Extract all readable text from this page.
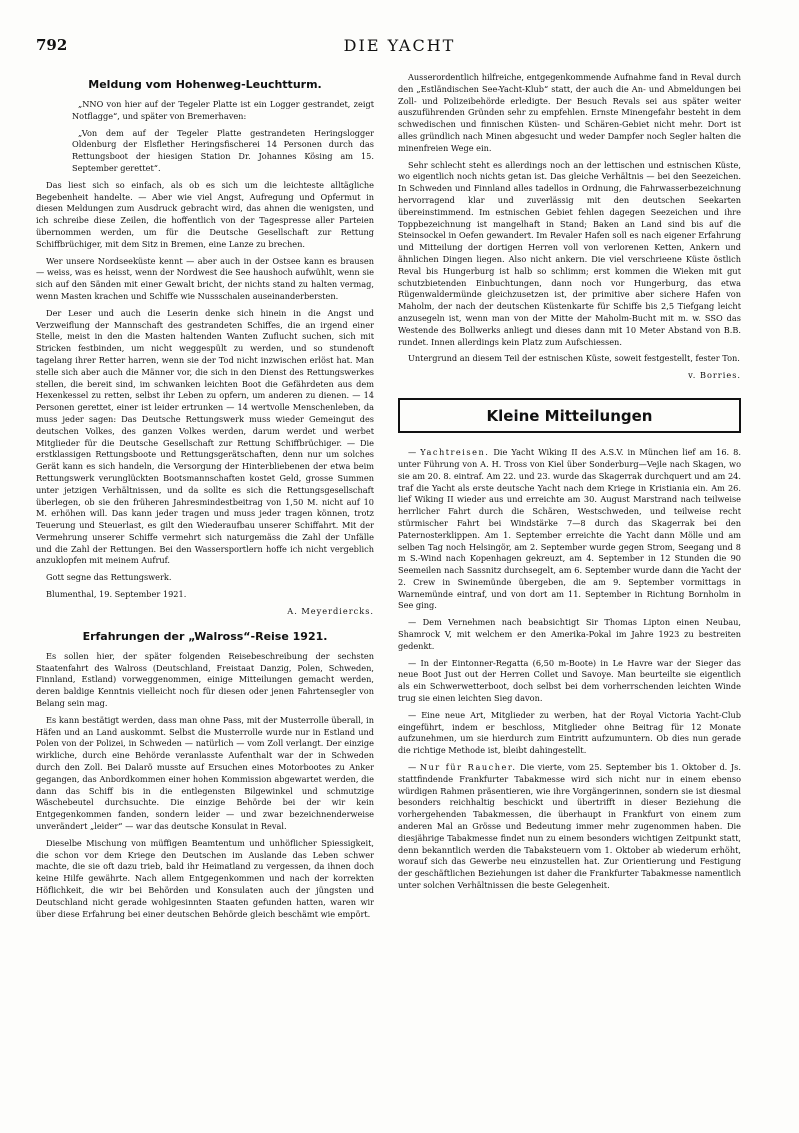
792	DIE YACHT
Meldung vom Hohenweg-Leuchtturm.

„NNO von hier auf der Tegeler Platte ist ein Logger gestrandet, zeigt Notflagge“, und später von Bremerhaven:

„Von dem auf der Tegeler Platte gestrandeten Heringslogger Oldenburg der Elsflether Heringsfischerei 14 Personen durch das Rettungsboot der hiesigen Station Dr. Johannes Kösing am 15. September gerettet“.

Das liest sich so einfach, als ob es sich um die leichteste alltägliche Begebenheit handelte. — Aber wie viel Angst, Aufregung und Opfermut in diesen Meldungen zum Ausdruck gebracht wird, das ahnen die wenigsten, und ich schreibe diese Zeilen, die hoffentlich von der Tagespresse aller Parteien übernommen werden, um für die Deutsche Gesellschaft zur Rettung Schiffbrüchiger, mit dem Sitz in Bremen, eine Lanze zu brechen.

Wer unsere Nordseeküste kennt — aber auch in der Ostsee kann es brausen — weiss, was es heisst, wenn der Nordwest die See haushoch aufwühlt, wenn sie sich auf den Sänden mit einer Gewalt bricht, der nichts stand zu halten vermag, wenn Masten krachen und Schiffe wie Nussschalen auseinanderbersten.

Der Leser und auch die Leserin denke sich hinein in die Angst und Verzweiflung der Mannschaft des gestrandeten Schiffes, die an irgend einer Stelle, meist in den die Masten haltenden Wanten Zuflucht suchen, sich mit Stricken festbinden, um nicht weggespült zu werden, und so stundenoft tagelang ihrer Retter harren, wenn sie der Tod nicht inzwischen erlöst hat. Man stelle sich aber auch die Männer vor, die sich in den Dienst des Rettungswerkes stellen, die bereit sind, im schwanken leichten Boot die Gefährdeten aus dem Hexenkessel zu retten, selbst ihr Leben zu opfern, um anderen zu dienen. — 14 Personen gerettet, einer ist leider ertrunken — 14 wertvolle Menschenleben, da muss jeder sagen: Das Deutsche Rettungswerk muss wieder Gemeingut des deutschen Volkes, des ganzen Volkes werden, darum werdet und werbet Mitglieder für die Deutsche Gesellschaft zur Rettung Schiffbrüchiger. — Die erstklassigen Rettungsboote und Rettungsgerätschaften, denn nur um solches Gerät kann es sich handeln, die Versorgung der Hinterbliebenen der etwa beim Rettungswerk verunglückten Bootsmannschaften kostet Geld, grosse Summen unter jetzigen Verhältnissen, und da sollte es sich die Rettungsgesellschaft überlegen, ob sie den früheren Jahresmindestbeitrag von 1,50 M. nicht auf 10 M. erhöhen will. Das kann jeder tragen und muss jeder tragen können, trotz Teuerung und Steuerlast, es gilt den Wiederaufbau unserer Schiffahrt. Mit der Vermehrung unserer Schiffe vermehrt sich naturgemäss die Zahl der Unfälle und die Zahl der Rettungen. Bei den Wassersportlern hoffe ich nicht vergeblich anzuklopfen mit meinem Aufruf.

Gott segne das Rettungswerk.

Blumenthal, 19. September 1921.

A. Meyerdiercks.
Erfahrungen der „Walross“-Reise 1921.

Es sollen hier, der später folgenden Reisebeschreibung der sechsten Staatenfahrt des Walross (Deutschland, Freistaat Danzig, Polen, Schweden, Finnland, Estland) vorweggenommen, einige Mitteilungen gemacht werden, deren baldige Kenntnis vielleicht noch für diesen oder jenen Fahrtensegler von Belang sein mag.

Es kann bestätigt werden, dass man ohne Pass, mit der Musterrolle überall, in Häfen und an Land auskommt. Selbst die Musterrolle wurde nur in Estland und Polen von der Polizei, in Schweden — natürlich — vom Zoll verlangt. Der einzige wirkliche, durch eine Behörde veranlasste Aufenthalt war der in Schweden durch den Zoll. Bei Dalarö musste auf Ersuchen eines Motorbootes zu Anker gegangen, das Anbordkommen einer hohen Kommission abgewartet werden, die dann das Schiff bis in die entlegensten Bilgewinkel und schmutzige Wäschebeutel durchsuchte. Die einzige Behörde bei der wir kein Entgegenkommen fanden, sondern leider — und zwar bezeichnenderweise unverändert „leider“ — war das deutsche Konsulat in Reval.

Dieselbe Mischung von müffigen Beamtentum und unhöflicher Spiessigkeit, die schon vor dem Kriege den Deutschen im Auslande das Leben schwer machte, die sie oft dazu trieb, bald ihr Heimatland zu vergessen, da ihnen doch keine Hilfe gewährte. Nach allem Entgegenkommen und nach der korrekten Höflichkeit, die wir bei Behörden und Konsulaten auch der jüngsten und Deutschland nicht gerade wohlgesinnten Staaten gefunden hatten, waren wir über diese Erfahrung bei einer deutschen Behörde gleich beschämt wie empört.

Ausserordentlich hilfreiche, entgegenkommende Aufnahme fand in Reval durch den „Estländischen See-Yacht-Klub“ statt, der auch die An- und Abmeldungen bei Zoll- und Polizeibehörde erledigte. Der Besuch Revals sei aus später weiter auszuführenden Gründen sehr zu empfehlen. Ernste Minengefahr besteht in dem schwedischen und finnischen Küsten- und Schären-Gebiet nicht mehr. Dort ist alles gründlich nach Minen abgesucht und weder Dampfer noch Segler halten die minenfreien Wege ein.

Sehr schlecht steht es allerdings noch an der lettischen und estnischen Küste, wo eigentlich noch nichts getan ist. Das gleiche Verhältnis — bei den Seezeichen. In Schweden und Finnland alles tadellos in Ordnung, die Fahrwasserbezeichnung hervorragend klar und zuverlässig mit den deutschen Seekarten übereinstimmend. Im estnischen Gebiet fehlen dagegen Seezeichen und ihre Toppbezeichnung ist mangelhaft in Stand; Baken an Land sind bis auf die Steinsockel in Oefen gewandert. Im Revaler Hafen soll es nach eigener Erfahrung und Mitteilung der dortigen Herren voll von verlorenen Ketten, Ankern und ähnlichen Dingen liegen. Also nicht ankern. Die viel verschrieene Küste östlich Reval bis Hungerburg ist halb so schlimm; erst kommen die Wieken mit gut schutzbietenden Einbuchtungen, dann noch vor Hungerburg, das etwa Rügenwaldermünde gleichzusetzen ist, der primitive aber sichere Hafen von Maholm, der nach der deutschen Küstenkarte für Schiffe bis 2,5 Tiefgang leicht anzusegeln ist, wenn man von der Mitte der Maholm-Bucht mit m. w. SSO das Westende des Bollwerks anliegt und dieses dann mit 10 Meter Abstand von B.B. rundet. Innen allerdings kein Platz zum Aufschiessen.

Untergrund an diesem Teil der estnischen Küste, soweit festgestellt, fester Ton.

v. Borries.
Kleine Mitteilungen

— Yachtreisen. Die Yacht Wiking II des A.S.V. in München lief am 16. 8. unter Führung von A. H. Tross von Kiel über Sonderburg—Vejle nach Skagen, wo sie am 20. 8. eintraf. Am 22. und 23. wurde das Skagerrak durchquert und am 24. traf die Yacht als erste deutsche Yacht nach dem Kriege in Kristiania ein. Am 26. lief Wiking II wieder aus und erreichte am 30. August Marstrand nach teilweise herrlicher Fahrt durch die Schären, Westschweden, und teilweise recht stürmischer Fahrt bei Windstärke 7—8 durch das Skagerrak bei den Paternosterklippen. Am 1. September erreichte die Yacht dann Mölle und am selben Tag noch Helsingör, am 2. September wurde gegen Strom, Seegang und 8 m S.-Wind nach Kopenhagen gekreuzt, am 4. September in 12 Stunden die 90 Seemeilen nach Sassnitz durchsegelt, am 6. September wurde dann die Yacht der 2. Crew in Swinemünde übergeben, die am 9. September vormittags in Warnemünde eintraf, und von dort am 11. September in Richtung Bornholm in See ging.

— Dem Vernehmen nach beabsichtigt Sir Thomas Lipton einen Neubau, Shamrock V, mit welchem er den Amerika-Pokal im Jahre 1923 zu bestreiten gedenkt.

— In der Eintonner-Regatta (6,50 m-Boote) in Le Havre war der Sieger das neue Boot Just out der Herren Collet und Savoye. Man beurteilte sie eigentlich als ein Schwerwetterboot, doch selbst bei dem vorherrschenden leichten Winde trug sie einen leichten Sieg davon.

— Eine neue Art, Mitglieder zu werben, hat der Royal Victoria Yacht-Club eingeführt, indem er beschloss, Mitglieder ohne Beitrag für 12 Monate aufzunehmen, um sie hierdurch zum Eintritt aufzumuntern. Ob dies nun gerade die richtige Methode ist, bleibt dahingestellt.

— Nur für Raucher. Die vierte, vom 25. September bis 1. Oktober d. Js. stattfindende Frankfurter Tabakmesse wird sich nicht nur in einem ebenso würdigen Rahmen präsentieren, wie ihre Vorgängerinnen, sondern sie ist diesmal besonders reichhaltig beschickt und übertrifft in dieser Beziehung die vorhergehenden Tabakmessen, die überhaupt in Frankfurt von einem zum anderen Mal an Grösse und Bedeutung immer mehr zugenommen haben. Die diesjährige Tabakmesse findet nun zu einem besonders wichtigen Zeitpunkt statt, denn bekanntlich werden die Tabaksteuern vom 1. Oktober ab wiederum erhöht, worauf sich das Gewerbe neu einzustellen hat. Zur Orientierung und Festigung der geschäftlichen Beziehungen ist daher die Frankfurter Tabakmesse namentlich unter solchen Verhältnissen die beste Gelegenheit.
